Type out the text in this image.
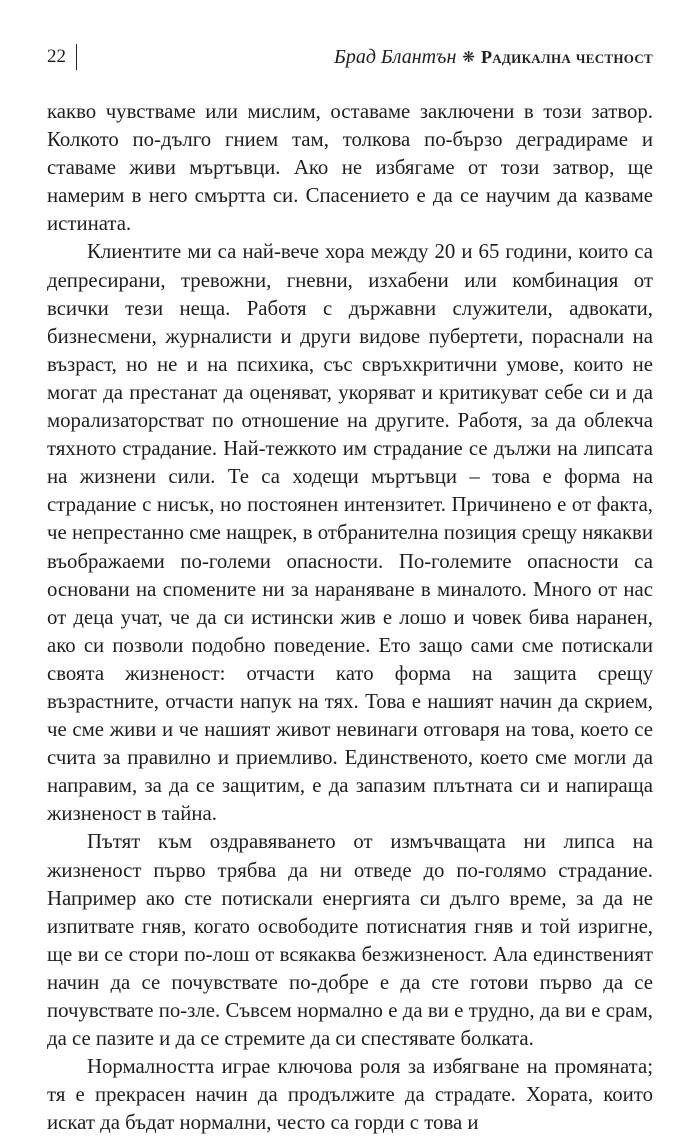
22	Брад Блантън ❋ Радикална честност

какво чувстваме или мислим, оставаме заключени в този затвор. Колкото по-дълго гнием там, толкова по-бързо деградираме и ставаме живи мъртъвци. Ако не избягаме от този затвор, ще намерим в него смъртта си. Спасението е да се научим да казваме истината.

Клиентите ми са най-вече хора между 20 и 65 години, които са депресирани, тревожни, гневни, изхабени или комбинация от всички тези неща. Работя с държавни служители, адвокати, бизнесмени, журналисти и други видове пубертети, пораснали на възраст, но не и на психика, със свръхкритични умове, които не могат да престанат да оценяват, укоряват и критикуват себе си и да морализаторстват по отношение на другите. Работя, за да облекча тяхното страдание. Най-тежкото им страдание се дължи на липсата на жизнени сили. Те са ходещи мъртъвци – това е форма на страдание с нисък, но постоянен интензитет. Причинено е от факта, че непрестанно сме нащрек, в отбранителна позиция срещу някакви въображаеми по-големи опасности. По-големите опасности са основани на спомените ни за нараняване в миналото. Много от нас от деца учат, че да си истински жив е лошо и човек бива наранен, ако си позволи подобно поведение. Ето защо сами сме потискали своята жизненост: отчасти като форма на защита срещу възрастните, отчасти напук на тях. Това е нашият начин да скрием, че сме живи и че нашият живот невинаги отговаря на това, което се счита за правилно и приемливо. Единственото, което сме могли да направим, за да се защитим, е да запазим плътната си и напираща жизненост в тайна.

Пътят към оздравяването от измъчващата ни липса на жизненост първо трябва да ни отведе до по-голямо страдание. Например ако сте потискали енергията си дълго време, за да не изпитвате гняв, когато освободите потиснатия гняв и той изригне, ще ви се стори по-лош от всякаква безжизненост. Ала единственият начин да се почувствате по-добре е да сте готови първо да се почувствате по-зле. Съвсем нормално е да ви е трудно, да ви е срам, да се пазите и да се стремите да си спестявате болката.

Нормалността играе ключова роля за избягване на промяната; тя е прекрасен начин да продължите да страдате. Хората, които искат да бъдат нормални, често са горди с това и
